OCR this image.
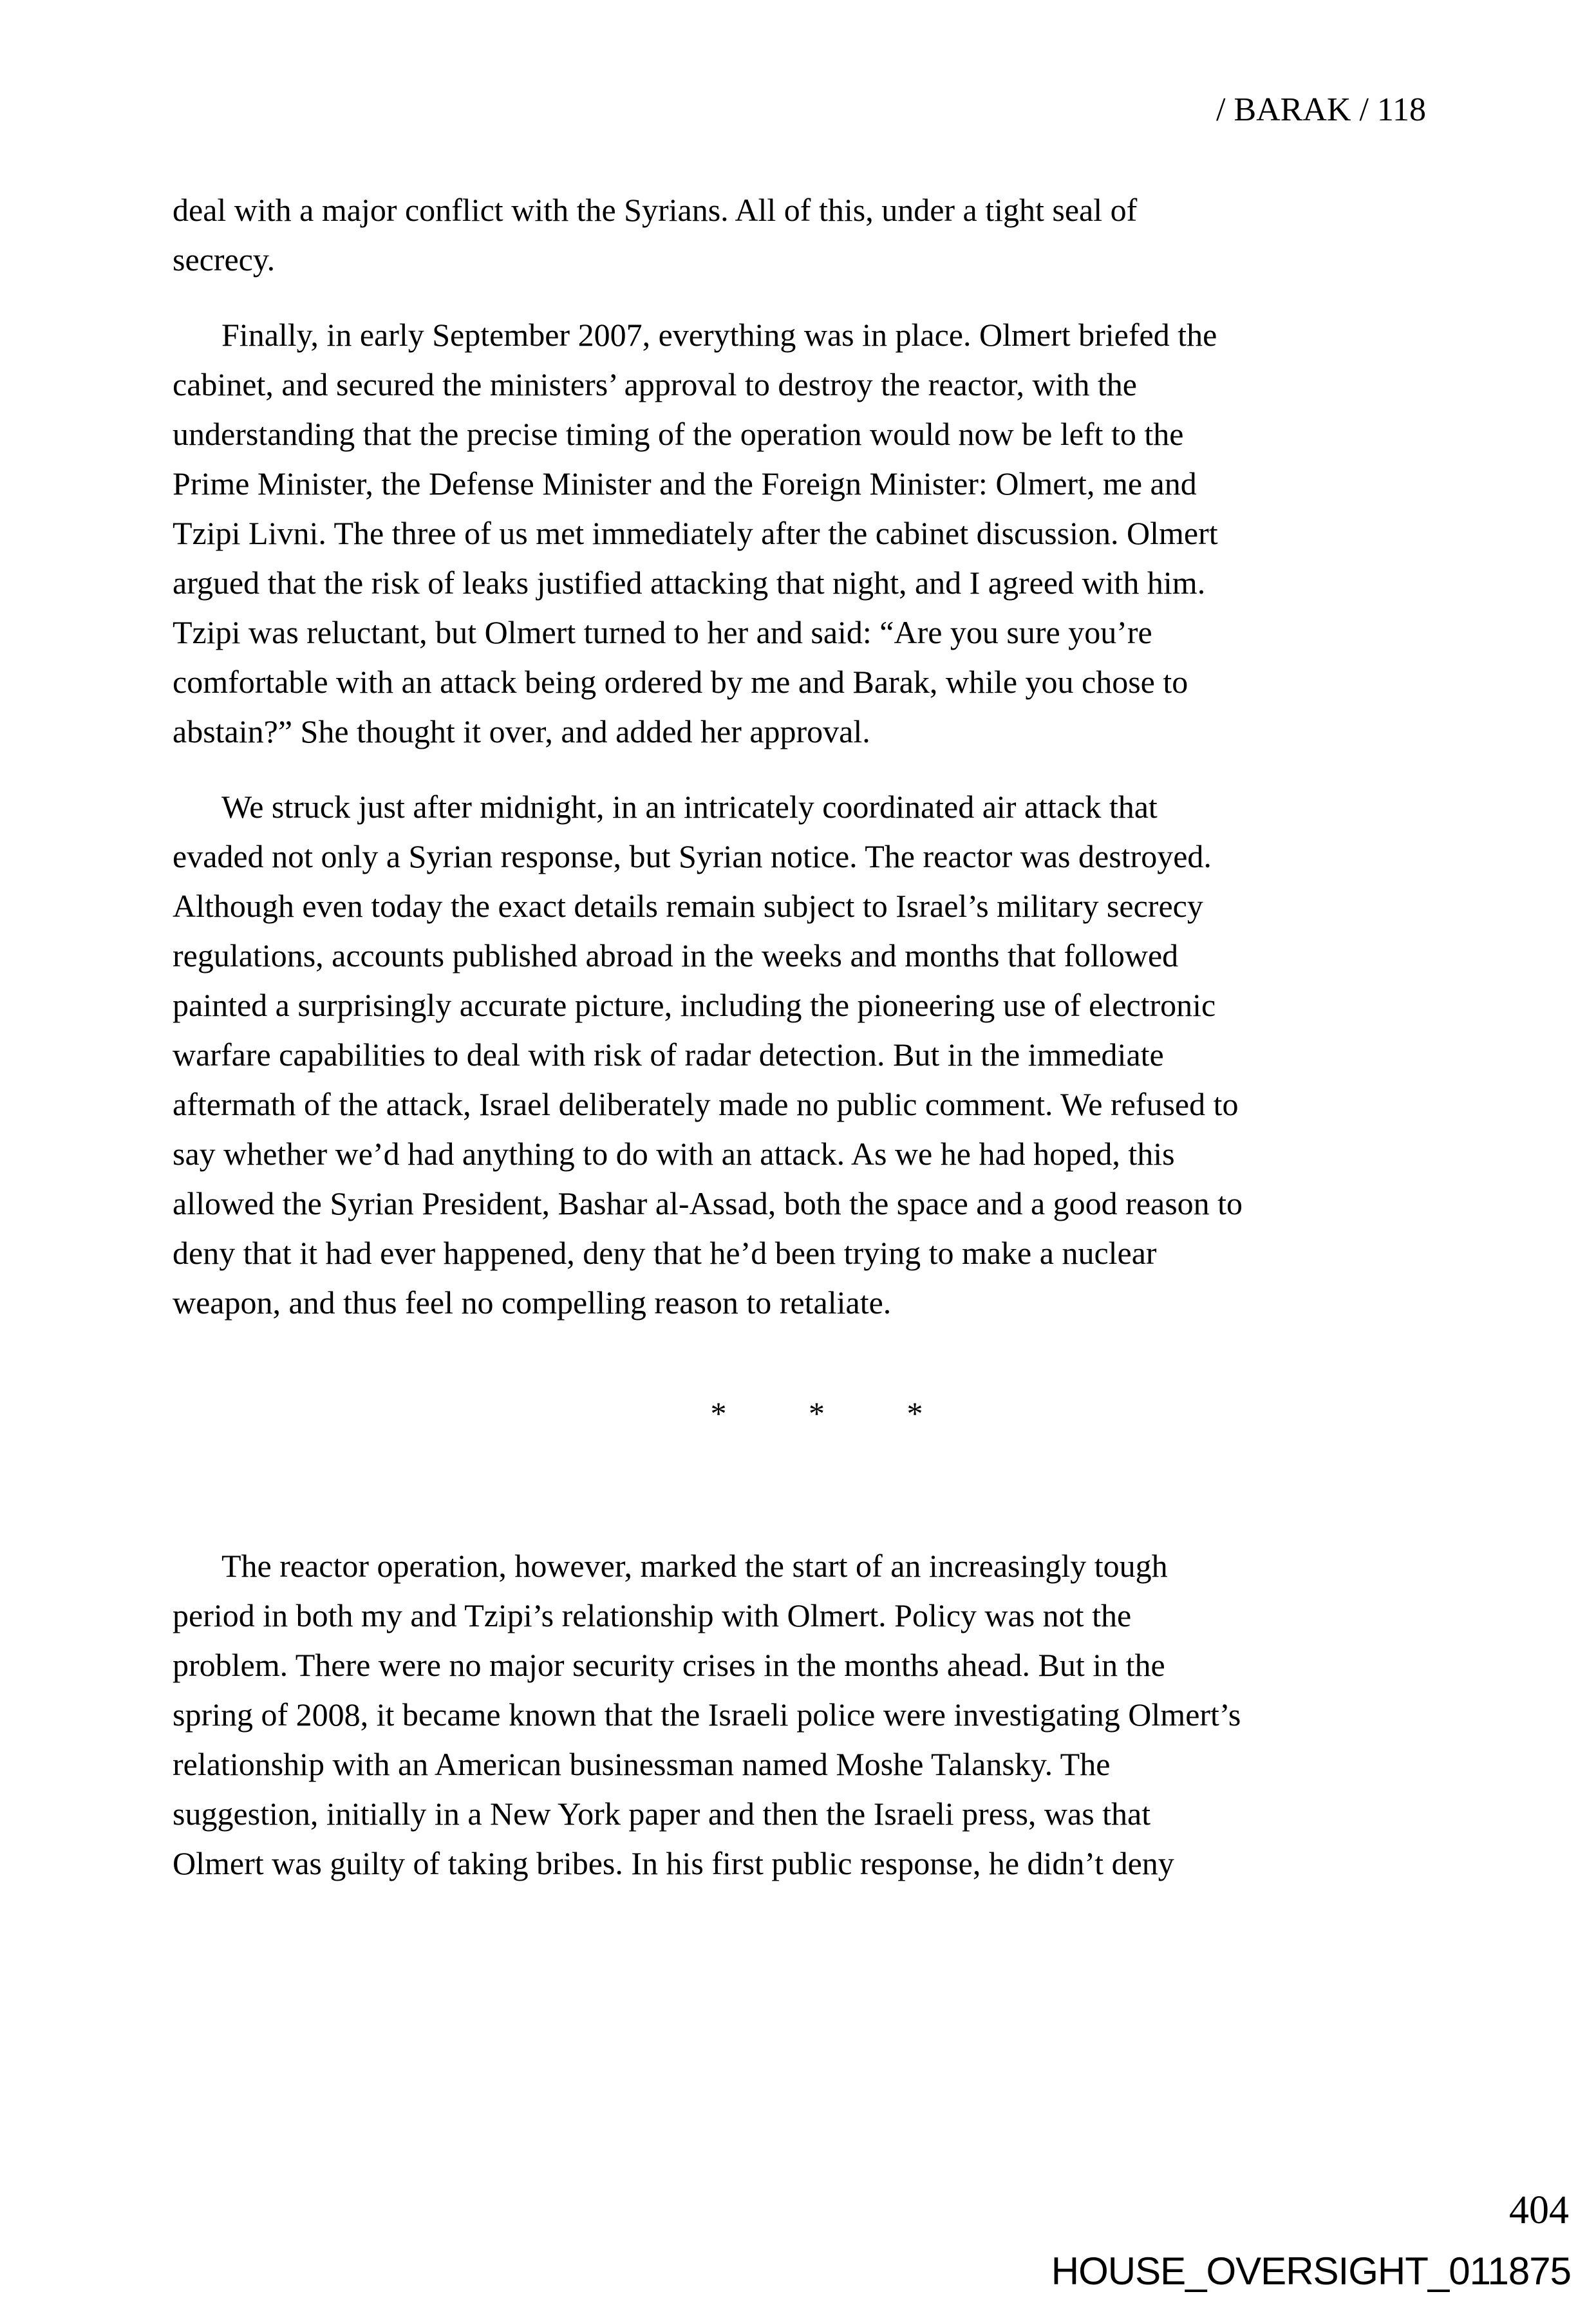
/ BARAK / 118
deal with a major conflict with the Syrians. All of this, under a tight seal of
secrecy.
Finally, in early September 2007, everything was in place. Olmert briefed the
cabinet, and secured the ministers’ approval to destroy the reactor, with the
understanding that the precise timing of the operation would now be left to the
Prime Minister, the Defense Minister and the Foreign Minister: Olmert, me and
Tzipi Livni. The three of us met immediately after the cabinet discussion. Olmert
argued that the risk of leaks justified attacking that night, and I agreed with him.
Tzipi was reluctant, but Olmert turned to her and said: “Are you sure you’re
comfortable with an attack being ordered by me and Barak, while you chose to
abstain?” She thought it over, and added her approval.
We struck just after midnight, in an intricately coordinated air attack that
evaded not only a Syrian response, but Syrian notice. The reactor was destroyed.
Although even today the exact details remain subject to Israel’s military secrecy
regulations, accounts published abroad in the weeks and months that followed
painted a surprisingly accurate picture, including the pioneering use of electronic
warfare capabilities to deal with risk of radar detection. But in the immediate
aftermath of the attack, Israel deliberately made no public comment. We refused to
say whether we’d had anything to do with an attack. As we he had hoped, this
allowed the Syrian President, Bashar al-Assad, both the space and a good reason to
deny that it had ever happened, deny that he’d been trying to make a nuclear
weapon, and thus feel no compelling reason to retaliate.
* * *
The reactor operation, however, marked the start of an increasingly tough
period in both my and Tzipi’s relationship with Olmert. Policy was not the
problem. There were no major security crises in the months ahead. But in the
spring of 2008, it became known that the Israeli police were investigating Olmert’s
relationship with an American businessman named Moshe Talansky. The
suggestion, initially in a New York paper and then the Israeli press, was that
Olmert was guilty of taking bribes. In his first public response, he didn’t deny
404
HOUSE_OVERSIGHT_011875
